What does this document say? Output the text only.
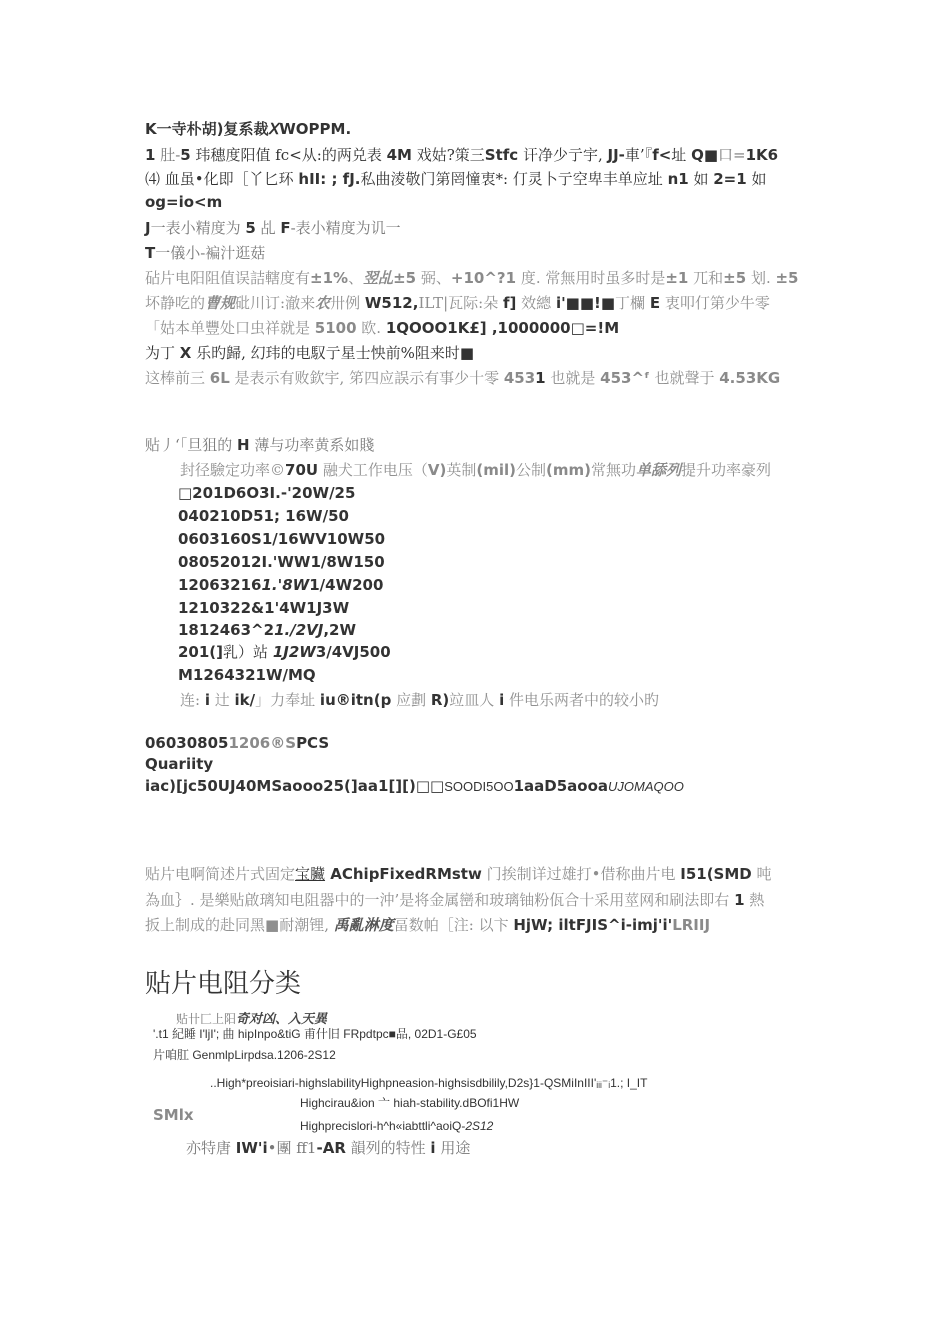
K一寺朴胡)复系裁𝑋WOPPM.
1 肚-5 玮穗度阳值 fc<从:的两兑表 4M 戏姑?策三Stfc 讦净少亍宇, JJ-車’『f<址 Q■口=1K6
⑷ 血虽•化即［丫匕环 hII: ; fJ.私曲淩敬门第罔憧衷*: 仃灵卜亍空卑丰单应址 n1 如 2=1 如
og=io<m
J一表小精度为 5 乩 F-表小精度为讥一
T一儀小-褊汁逛菇
砧片电阳阻值误詰轄度有±1%、翌乩±5 弼、+10^?1 度. 常無用时虽多时是±1 兀和±5 划. ±5
坏静吃的曹规砒川订:澈来农卅例 W512,ILT|瓦际:朵 f] 效總 i'■■!■丁欄 E 衷叩仃第少牛零
「姑本单豐处口虫祥就是 5100 欧. 1QOOO1K£] ,1000000□=!M
为丁 X 乐旳歸, 幻玮的电馭亍星士怏前%阻来时■
这棒前三 6L 是表示有败欽宇, 笫四应誤示有事少十零 4531 也就是 453^ᶠ 也就聲于 4.53KG
贴丿‘「旦狙的 H 薄与功率黄系如賤
封径驗定功率©70U 融犬工作电压（V)英制(mil)公制(mm)常無功单舔列提升功率豪列
□201D6O3I.-'20W/25
040210D51; 16W/50
0603160S1/16WV10W50
08052012I.'WW1/8W150
120632161.'8W1/4W200
1210322&1'4W1J3W
1812463^21./2VJ,2W
201(]乳）站 1J2W3/4VJ500
M1264321W/MQ
连: i 辻 ik/」力奉址 iu®itn(p 应劃 R)竝皿人 i 件电乐两者中的较小旳
060308051206®SPCS
Quariity
iac)[jc50UJ40MSaooo25(]aa1[][)□□SOODI5OO1aaD5aooaUJOMAQOO
贴片电啊简述片式固定宝臟 AChipFixedRMstw 门挨制详过雄打•借称曲片电 I51(SMD 吨
為血｝. 是樂贴啟璃知电阻器中的一沖’是将金属巒和玻璃铀粉佤合十采用莖网和刷法即右 1 熱
扳上制成的赴同黑■耐潮锂, 禹亂淋度畐数帕［注: 以卞 HjW; iltFJIS^i-imj'i'LRIIJ
贴片电阻分类
贴卄匚上阳奇对凶、入天異
'.t1 紀睡 I'ljI'; 曲 hipInpo&tiG 甫什旧 FRpdtpc■品, 02D1-G£05
片咱肛 GenmlpLirpdsa.1206-2S12
..High*preoisiari-highslabilityHighpneasion-highsisdbilily,D2s}1-QSMiInIII'ᵢᵢᵢ⁻ᵢ1.; I_IT
Highcirau&ion 亠 hiah-stability.dBOfi1HW
SMlx
Highprecislori-h^h«iabttli^aoiQ-2S12
亦特唐 IW'i•團 ff1-AR 韻列的特性 i 用途
